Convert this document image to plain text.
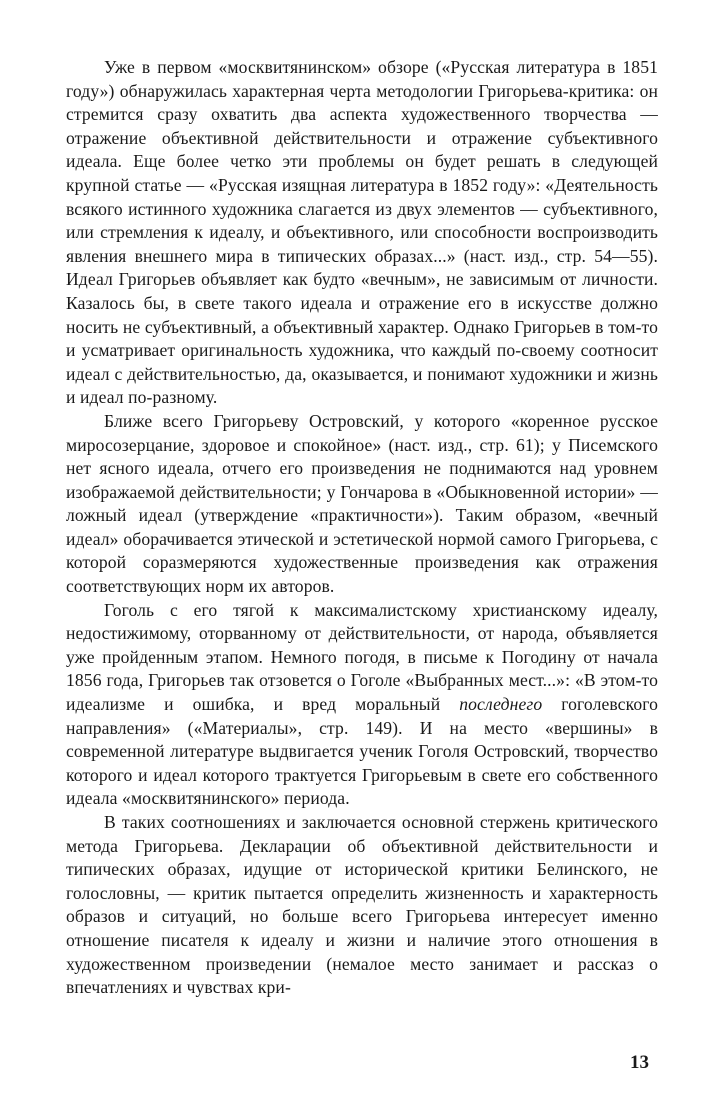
Уже в первом «москвитянинском» обзоре («Русская литература в 1851 году») обнаружилась характерная черта методологии Григорьева-критика: он стремится сразу охватить два аспекта художественного творчества — отражение объективной действительности и отражение субъективного идеала. Еще более четко эти проблемы он будет решать в следующей крупной статье — «Русская изящная литература в 1852 году»: «Деятельность всякого истинного художника слагается из двух элементов — субъективного, или стремления к идеалу, и объективного, или способности воспроизводить явления внешнего мира в типических образах...» (наст. изд., стр. 54—55). Идеал Григорьев объявляет как будто «вечным», не зависимым от личности. Казалось бы, в свете такого идеала и отражение его в искусстве должно носить не субъективный, а объективный характер. Однако Григорьев в том-то и усматривает оригинальность художника, что каждый по-своему соотносит идеал с действительностью, да, оказывается, и понимают художники и жизнь и идеал по-разному.

Ближе всего Григорьеву Островский, у которого «коренное русское миросозерцание, здоровое и спокойное» (наст. изд., стр. 61); у Писемского нет ясного идеала, отчего его произведения не поднимаются над уровнем изображаемой действительности; у Гончарова в «Обыкновенной истории» — ложный идеал (утверждение «практичности»). Таким образом, «вечный идеал» оборачивается этической и эстетической нормой самого Григорьева, с которой соразмеряются художественные произведения как отражения соответствующих норм их авторов.

Гоголь с его тягой к максималистскому христианскому идеалу, недостижимому, оторванному от действительности, от народа, объявляется уже пройденным этапом. Немного погодя, в письме к Погодину от начала 1856 года, Григорьев так отзовется о Гоголе «Выбранных мест...»: «В этом-то идеализме и ошибка, и вред моральный последнего гоголевского направления» («Материалы», стр. 149). И на место «вершины» в современной литературе выдвигается ученик Гоголя Островский, творчество которого и идеал которого трактуется Григорьевым в свете его собственного идеала «москвитянинского» периода.

В таких соотношениях и заключается основной стержень критического метода Григорьева. Декларации об объективной действительности и типических образах, идущие от исторической критики Белинского, не голословны, — критик пытается определить жизненность и характерность образов и ситуаций, но больше всего Григорьева интересует именно отношение писателя к идеалу и жизни и наличие этого отношения в художественном произведении (немалое место занимает и рассказ о впечатлениях и чувствах кри-

13
